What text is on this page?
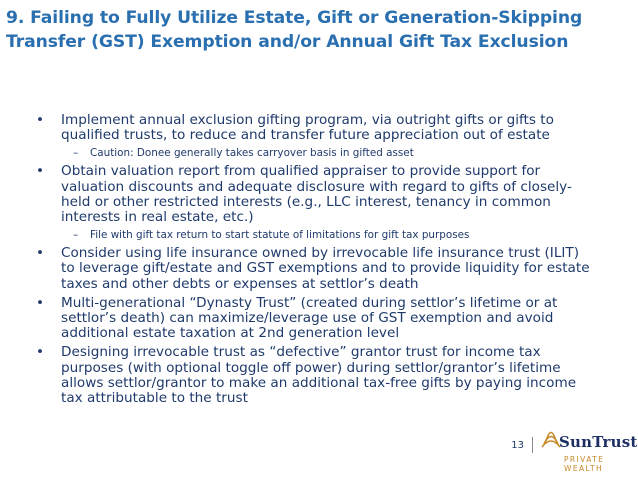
9. Failing to Fully Utilize Estate, Gift or Generation-Skipping Transfer (GST) Exemption and/or Annual Gift Tax Exclusion
• Implement annual exclusion gifting program, via outright gifts or gifts to qualified trusts, to reduce and transfer future appreciation out of estate
– Caution: Donee generally takes carryover basis in gifted asset
• Obtain valuation report from qualified appraiser to provide support for valuation discounts and adequate disclosure with regard to gifts of closely-held or other restricted interests (e.g., LLC interest, tenancy in common interests in real estate, etc.)
– File with gift tax return to start statute of limitations for gift tax purposes
• Consider using life insurance owned by irrevocable life insurance trust (ILIT) to leverage gift/estate and GST exemptions and to provide liquidity for estate taxes and other debts or expenses at settlor’s death
• Multi-generational “Dynasty Trust” (created during settlor’s lifetime or at settlor’s death) can maximize/leverage use of GST exemption and avoid additional estate taxation at 2nd generation level
• Designing irrevocable trust as “defective” grantor trust for income tax purposes (with optional toggle off power) during settlor/grantor’s lifetime allows settlor/grantor to make an additional tax-free gifts by paying income tax attributable to the trust
13 SunTrust
PRIVATE WEALTH
